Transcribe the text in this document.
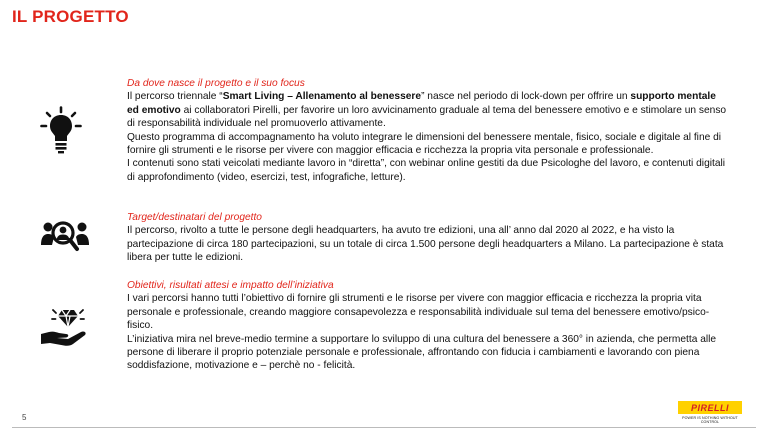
IL PROGETTO

Da dove nasce il progetto e il suo focus

Il percorso triennale “Smart Living – Allenamento al benessere” nasce nel periodo di lock-down per offrire un supporto mentale ed emotivo ai collaboratori Pirelli, per favorire un loro avvicinamento graduale al tema del benessere emotivo e e stimolare un senso di responsabilità individuale nel promuoverlo attivamente.

Questo programma di accompagnamento ha voluto integrare le dimensioni del benessere mentale, fisico, sociale e digitale al fine di fornire gli strumenti e le risorse per vivere con maggior efficacia e ricchezza la propria vita personale e professionale.

I contenuti sono stati veicolati mediante lavoro in “diretta”, con webinar online gestiti da due Psicologhe del lavoro, e contenuti digitali di approfondimento (video, esercizi, test, infografiche, letture).

Target/destinatari del progetto

Il percorso, rivolto a tutte le persone degli headquarters, ha avuto tre edizioni, una all’ anno dal 2020 al 2022, e ha visto la partecipazione di circa 180 partecipazioni, su un totale di circa 1.500 persone degli headquarters a Milano. La partecipazione è stata libera per tutte le edizioni.

Obiettivi, risultati attesi e impatto dell’iniziativa

I vari percorsi hanno tutti l’obiettivo di fornire gli strumenti e le risorse per vivere con maggior efficacia e ricchezza la propria vita personale e professionale, creando maggiore consapevolezza e responsabilità individuale sul tema del benessere emotivo/psico-fisico.

L’iniziativa mira nel breve-medio termine a supportare lo sviluppo di una cultura del benessere a 360° in azienda, che permetta alle persone di liberare il proprio potenziale personale e professionale, affrontando con fiducia i cambiamenti e lavorando con piena soddisfazione, motivazione e – perchè no - felicità.

5
PIRELLI
POWER IS NOTHING WITHOUT CONTROL
